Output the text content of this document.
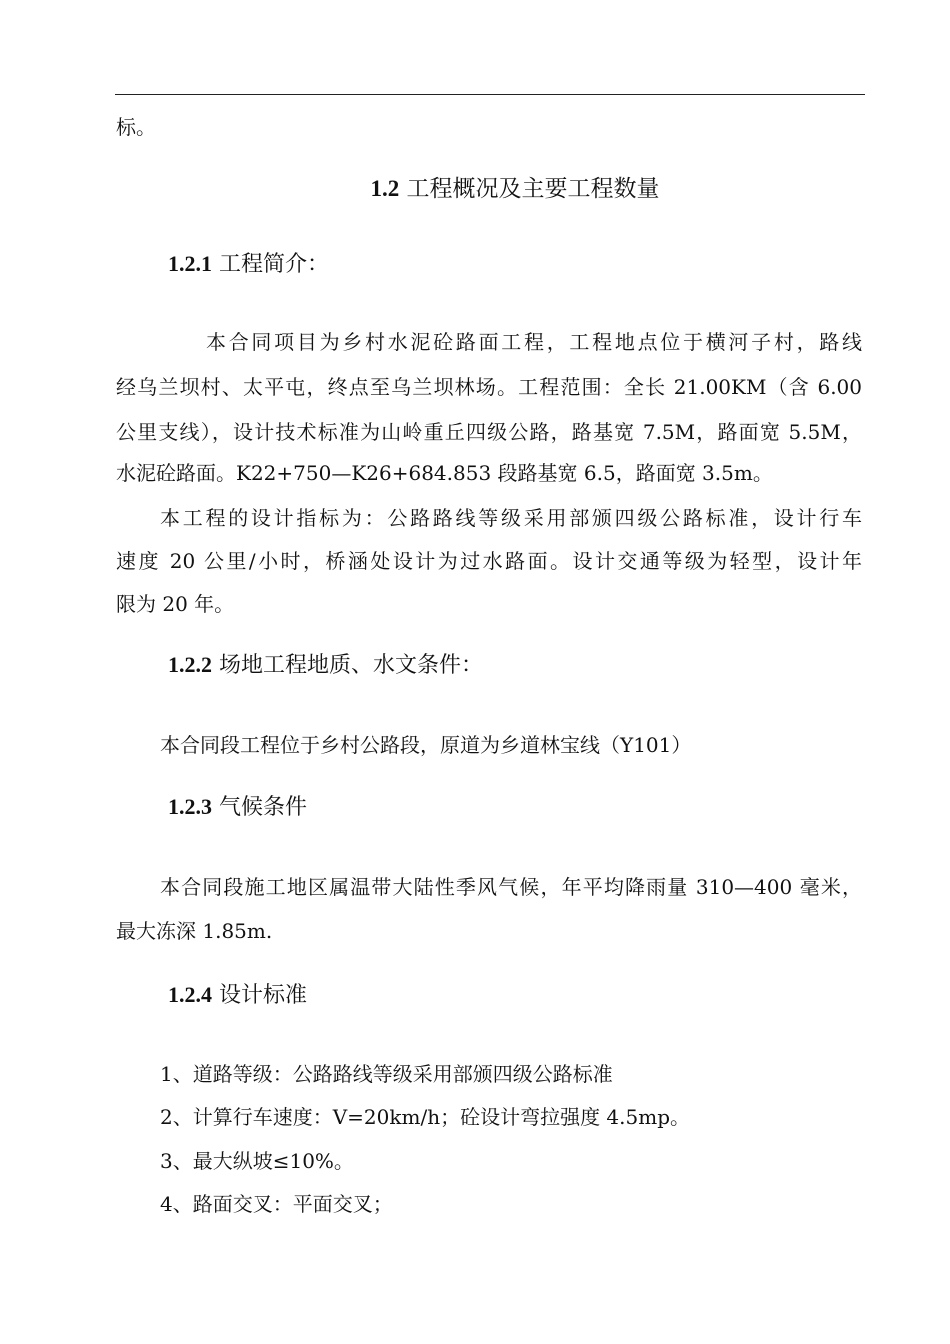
标。
1.2 工程概况及主要工程数量
1.2.1 工程简介：
本合同项目为乡村水泥砼路面工程，工程地点位于横河子村，路线
经乌兰坝村、太平屯，终点至乌兰坝林场。工程范围：全长 21.00KM（含 6.00
公里支线），设计技术标准为山岭重丘四级公路，路基宽 7.5M，路面宽 5.5M，
水泥砼路面。K22+750—K26+684.853 段路基宽 6.5，路面宽 3.5m。
本工程的设计指标为：公路路线等级采用部颁四级公路标准，设计行车
速度 20 公里/小时，桥涵处设计为过水路面。设计交通等级为轻型，设计年
限为 20 年。
1.2.2 场地工程地质、水文条件：
本合同段工程位于乡村公路段，原道为乡道林宝线（Y101）
1.2.3 气候条件
本合同段施工地区属温带大陆性季风气候，年平均降雨量 310—400 毫米，
最大冻深 1.85m.
1.2.4 设计标准
1、道路等级：公路路线等级采用部颁四级公路标准
2、计算行车速度：V=20km/h；砼设计弯拉强度 4.5mp。
3、最大纵坡≤10%。
4、路面交叉：平面交叉；
